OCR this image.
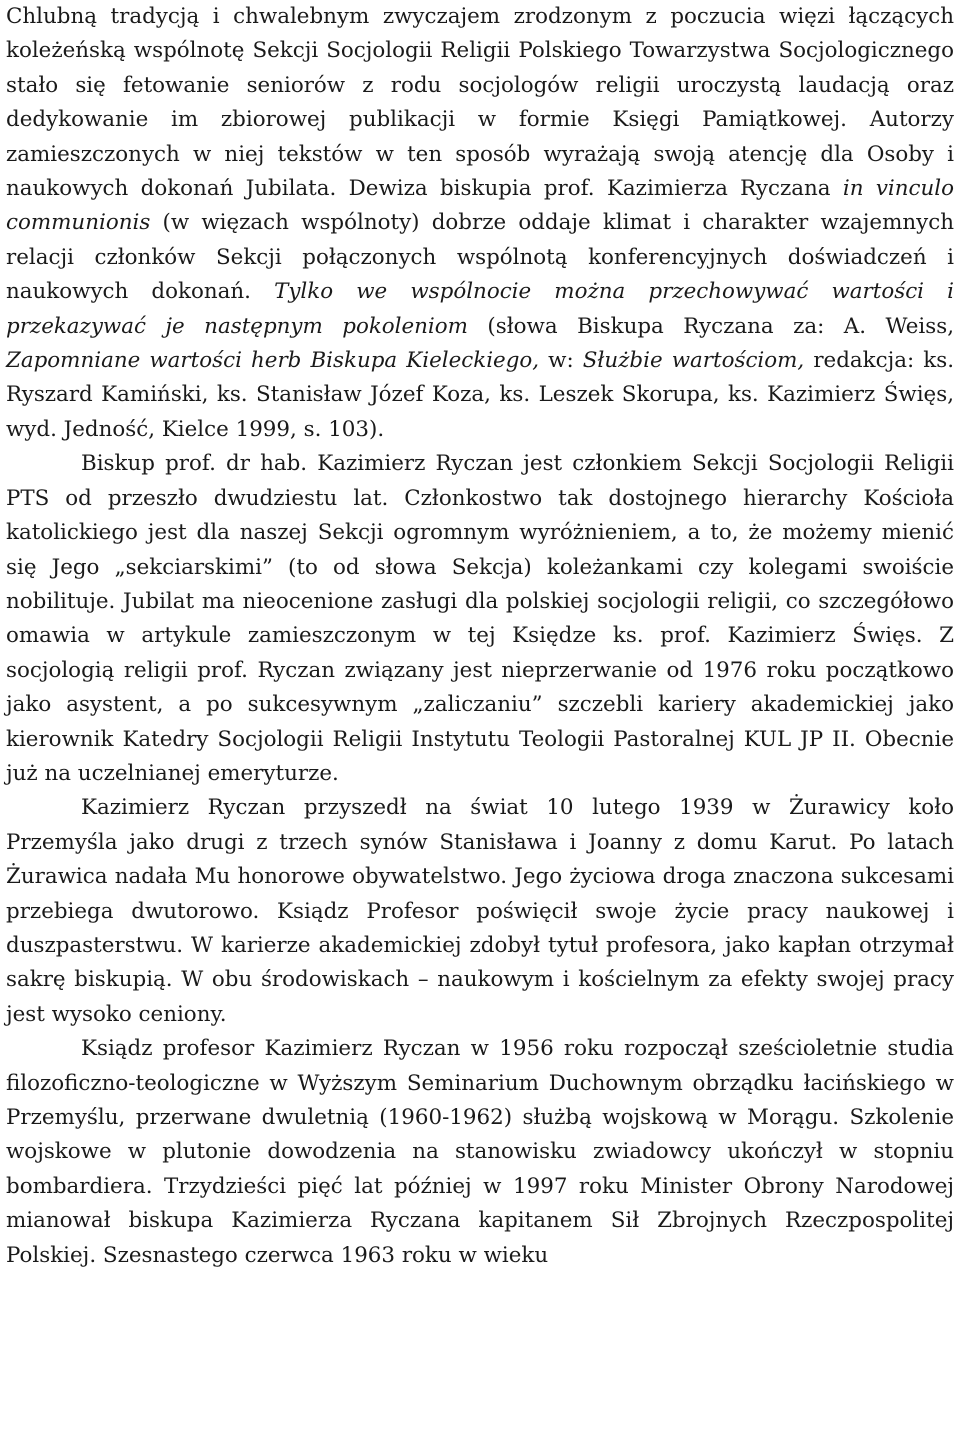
Chlubną tradycją i chwalebnym zwyczajem zrodzonym z poczucia więzi łączących koleżeńską wspólnotę Sekcji Socjologii Religii Polskiego Towarzystwa Socjologicznego stało się fetowanie seniorów z rodu socjologów religii uroczystą laudacją oraz dedykowanie im zbiorowej publikacji w formie Księgi Pamiątkowej. Autorzy zamieszczonych w niej tekstów w ten sposób wyrażają swoją atencję dla Osoby i naukowych dokonań Jubilata. Dewiza biskupia prof. Kazimierza Ryczana in vinculo communionis (w więzach wspólnoty) dobrze oddaje klimat i charakter wzajemnych relacji członków Sekcji połączonych wspólnotą konferencyjnych doświadczeń i naukowych dokonań. Tylko we wspólnocie można przechowywać wartości i przekazywać je następnym pokoleniom (słowa Biskupa Ryczana za: A. Weiss, Zapomniane wartości herb Biskupa Kieleckiego, w: Służbie wartościom, redakcja: ks. Ryszard Kamiński, ks. Stanisław Józef Koza, ks. Leszek Skorupa, ks. Kazimierz Święs, wyd. Jedność, Kielce 1999, s. 103).

Biskup prof. dr hab. Kazimierz Ryczan jest członkiem Sekcji Socjologii Religii PTS od przeszło dwudziestu lat. Członkostwo tak dostojnego hierarchy Kościoła katolickiego jest dla naszej Sekcji ogromnym wyróżnieniem, a to, że możemy mienić się Jego „sekciarskimi” (to od słowa Sekcja) koleżankami czy kolegami swoiście nobilituje. Jubilat ma nieocenione zasługi dla polskiej socjologii religii, co szczegółowo omawia w artykule zamieszczonym w tej Księdze ks. prof. Kazimierz Święs. Z socjologią religii prof. Ryczan związany jest nieprzerwanie od 1976 roku początkowo jako asystent, a po sukcesywnym „zaliczaniu” szczebli kariery akademickiej jako kierownik Katedry Socjologii Religii Instytutu Teologii Pastoralnej KUL JP II. Obecnie już na uczelnianej emeryturze.

Kazimierz Ryczan przyszedł na świat 10 lutego 1939 w Żurawicy koło Przemyśla jako drugi z trzech synów Stanisława i Joanny z domu Karut. Po latach Żurawica nadała Mu honorowe obywatelstwo. Jego życiowa droga znaczona sukcesami przebiega dwutorowo. Ksiądz Profesor poświęcił swoje życie pracy naukowej i duszpasterstwu. W karierze akademickiej zdobył tytuł profesora, jako kapłan otrzymał sakrę biskupią. W obu środowiskach – naukowym i kościelnym za efekty swojej pracy jest wysoko ceniony.

Ksiądz profesor Kazimierz Ryczan w 1956 roku rozpoczął sześcioletnie studia filozoficzno-teologiczne w Wyższym Seminarium Duchownym obrządku łacińskiego w Przemyślu, przerwane dwuletnią (1960-1962) służbą wojskową w Morągu. Szkolenie wojskowe w plutonie dowodzenia na stanowisku zwiadowcy ukończył w stopniu bombardiera. Trzydzieści pięć lat później w 1997 roku Minister Obrony Narodowej mianował biskupa Kazimierza Ryczana kapitanem Sił Zbrojnych Rzeczpospolitej Polskiej. Szesnastego czerwca 1963 roku w wieku
